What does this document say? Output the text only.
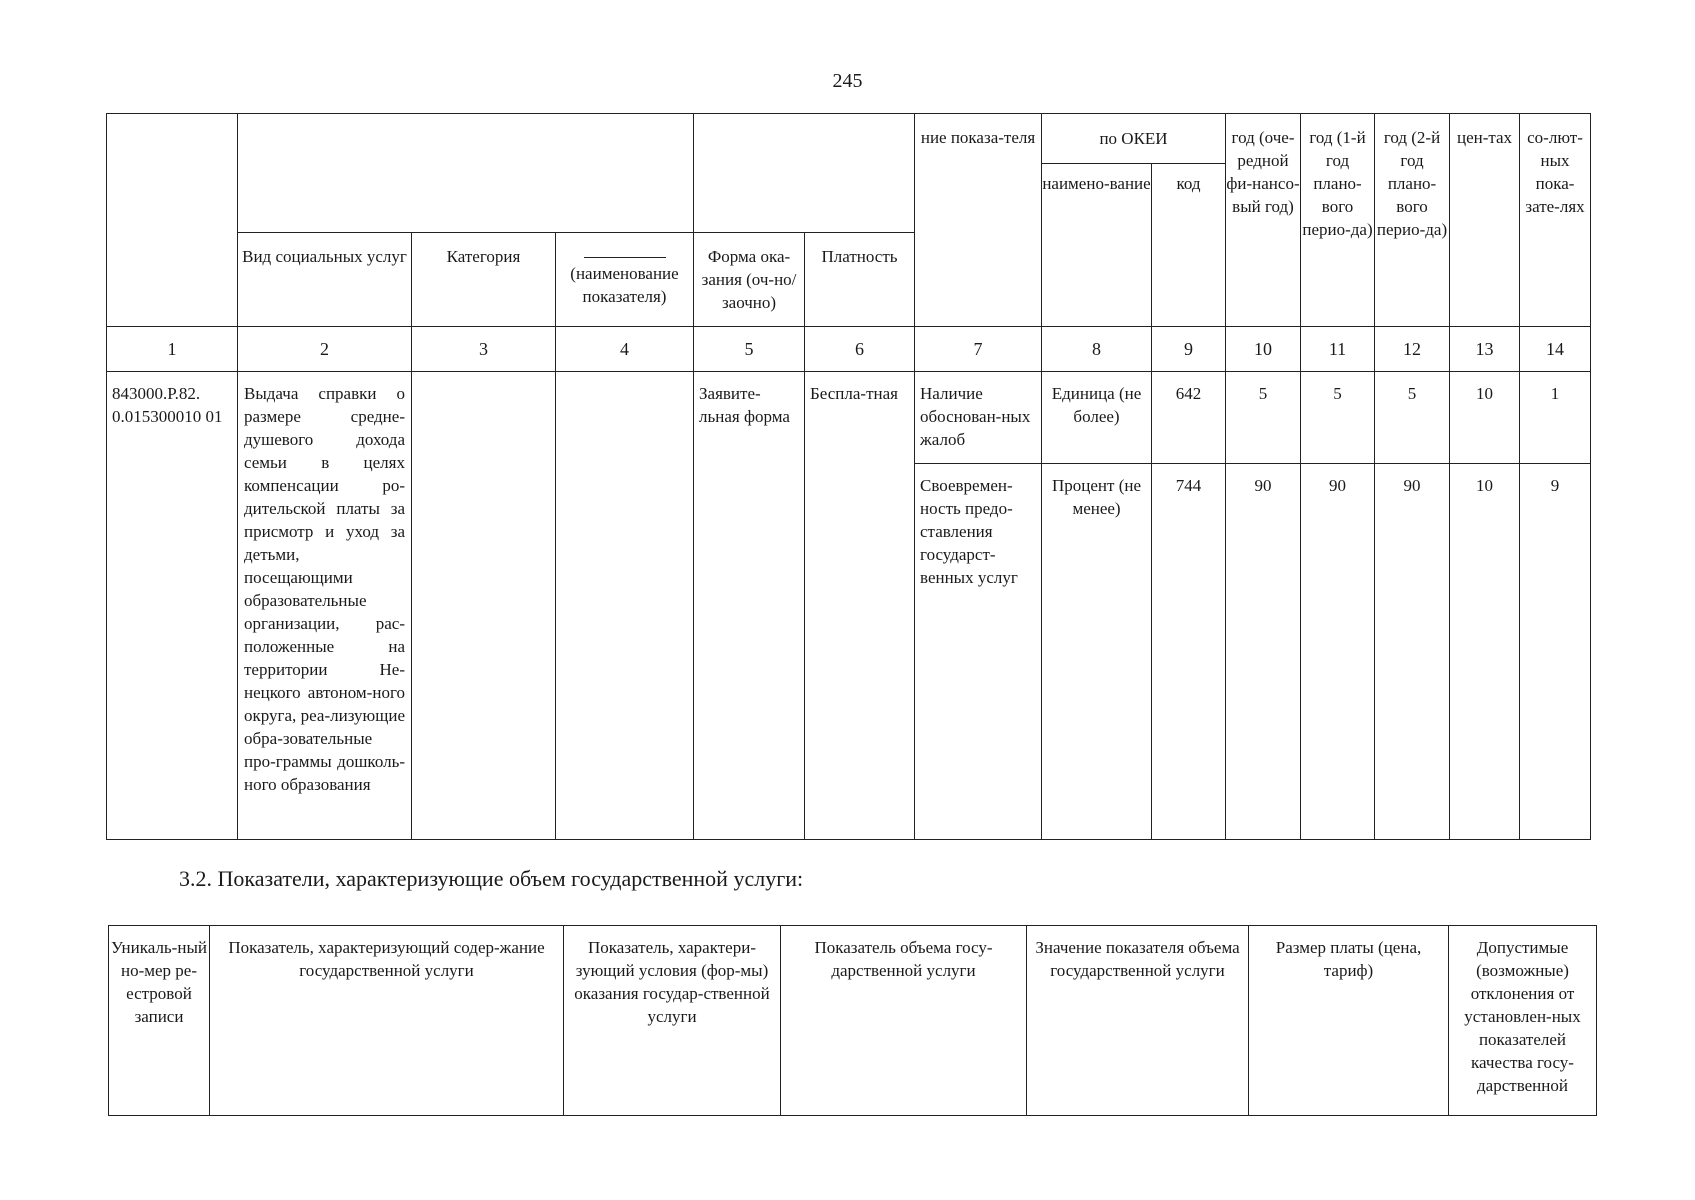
245
						ние показа-теля	по ОКЕИ		год (оче-редной фи-нансо-вый год)	год (1-й год плано-вого перио-да)	год (2-й год плано-вого перио-да)	цен-тах	со-лют-ных пока-зате-лях
							наимено-вание	код					
	Вид социальных услуг	Категория	(наименование показателя)	Форма ока-зания (оч-но/заочно)	Платность								
1	2	3	4	5	6	7	8	9	10	11	12	13	14
843000.Р.82. 0.015300010 01	Выдача справки о размере средне-душевого дохода семьи в целях компенсации ро-дительской платы за присмотр и уход за детьми, посещающими образовательные организации, рас-положенные на территории Не-нецкого автоном-ного округа, реа-лизующие обра-зовательные про-граммы дошколь-ного образования			Заявите-льная форма	Беспла-тная	Наличие обоснован-ных жалоб	Единица (не более)	642	5	5	5	10	1
						Своевремен-ность предо-ставления государст-венных услуг	Процент (не менее)	744	90	90	90	10	9
3.2. Показатели, характеризующие объем государственной услуги:
Уникаль-ный но-мер ре-естровой записи	Показатель, характеризующий содер-жание государственной услуги	Показатель, характери-зующий условия (фор-мы) оказания государ-ственной услуги	Показатель объема госу-дарственной услуги	Значение показателя объема государственной услуги	Размер платы (цена, тариф)	Допустимые (возможные) отклонения от установлен-ных показателей качества госу-дарственной
